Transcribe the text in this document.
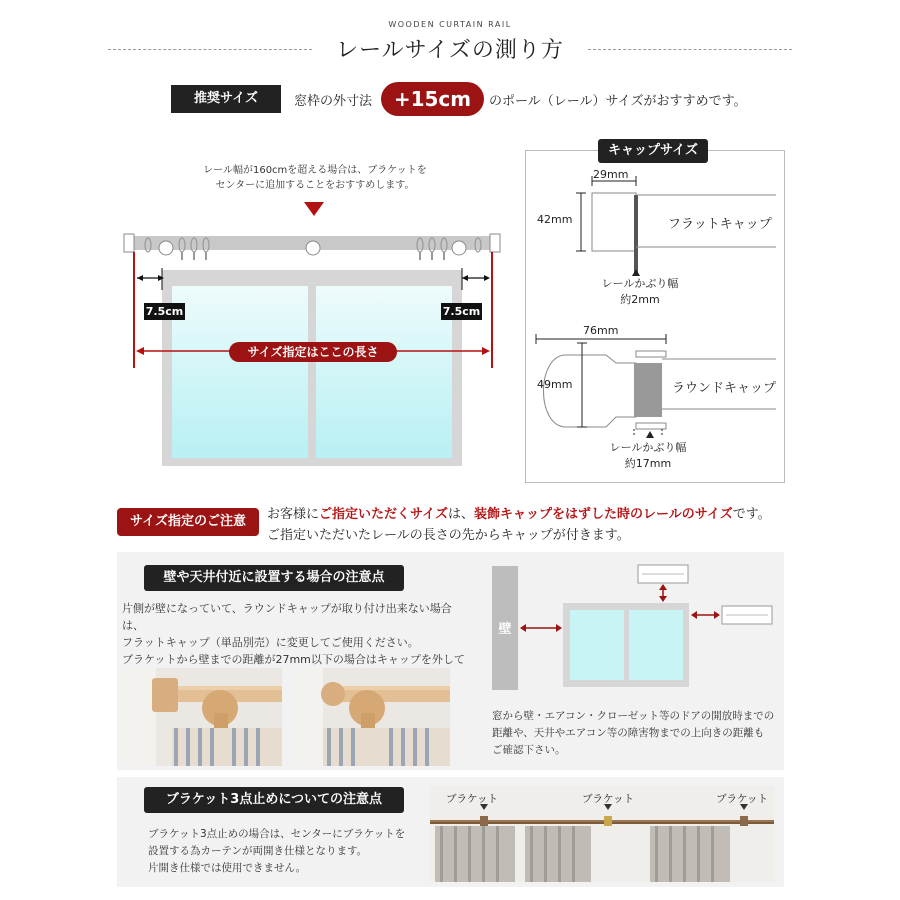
WOODEN CURTAIN RAIL
レールサイズの測り方
推奨サイズ	窓枠の外寸法	+15cm	のポール（レール）サイズがおすすめです。
レール幅が160cmを超える場合は、ブラケットを
センターに追加することをおすすめします。
7.5cm	7.5cm
サイズ指定はここの長さ
キャップサイズ
29mm
42mm	フラットキャップ
レールかぶり幅
約2mm
76mm
49mm	ラウンドキャップ
レールかぶり幅
約17mm
サイズ指定のご注意	お客様にご指定いただくサイズは、装飾キャップをはずした時のレールのサイズです。
ご指定いただいたレールの長さの先からキャップが付きます。
壁や天井付近に設置する場合の注意点
片側が壁になっていて、ラウンドキャップが取り付け出来ない場合は、
フラットキャップ（単品別売）に変更してご使用ください。
ブラケットから壁までの距離が27mm以下の場合はキャップを外して
壁
窓から壁・エアコン・クローゼット等のドアの開放時までの
距離や、天井やエアコン等の障害物までの上向きの距離も
ご確認下さい。
ブラケット3点止めについての注意点
ブラケット3点止めの場合は、センターにブラケットを
設置する為カーテンが両開き仕様となります。
片開き仕様では使用できません。
ブラケット	ブラケット	ブラケット
